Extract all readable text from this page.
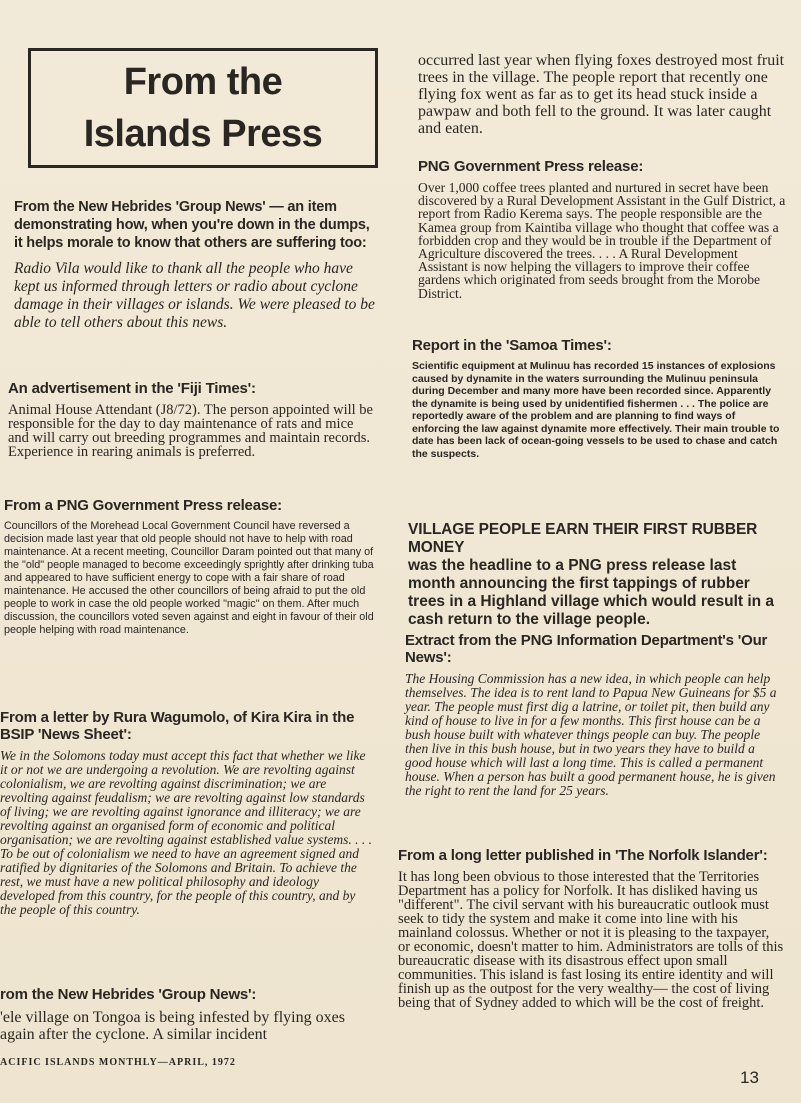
From the
Islands Press

From the New Hebrides 'Group News' — an item demonstrating how, when you're down in the dumps, it helps morale to know that others are suffering too:

Radio Vila would like to thank all the people who have kept us informed through letters or radio about cyclone damage in their villages or islands. We were pleased to be able to tell others about this news.

An advertisement in the 'Fiji Times':

Animal House Attendant (J8/72). The person appointed will be responsible for the day to day maintenance of rats and mice and will carry out breeding programmes and maintain records. Experience in rearing animals is preferred.

From a PNG Government Press release:

Councillors of the Morehead Local Government Council have reversed a decision made last year that old people should not have to help with road maintenance. At a recent meeting, Councillor Daram pointed out that many of the "old" people managed to become exceedingly sprightly after drinking tuba and appeared to have sufficient energy to cope with a fair share of road maintenance. He accused the other councillors of being afraid to put the old people to work in case the old people worked "magic" on them. After much discussion, the councillors voted seven against and eight in favour of their old people helping with road maintenance.

From a letter by Rura Wagumolo, of Kira Kira in the BSIP 'News Sheet':

We in the Solomons today must accept this fact that whether we like it or not we are undergoing a revolution. We are revolting against colonialism, we are revolting against discrimination; we are revolting against feudalism; we are revolting against low standards of living; we are revolting against ignorance and illiteracy; we are revolting against an organised form of economic and political organisation; we are revolting against established value systems. . . . To be out of colonialism we need to have an agreement signed and ratified by dignitaries of the Solomons and Britain. To achieve the rest, we must have a new political philosophy and ideology developed from this country, for the people of this country, and by the people of this country.

rom the New Hebrides 'Group News':

'ele village on Tongoa is being infested by flying oxes again after the cyclone. A similar incident

ACIFIC ISLANDS MONTHLY—APRIL, 1972

occurred last year when flying foxes destroyed most fruit trees in the village. The people report that recently one flying fox went as far as to get its head stuck inside a pawpaw and both fell to the ground. It was later caught and eaten.

PNG Government Press release:

Over 1,000 coffee trees planted and nurtured in secret have been discovered by a Rural Development Assistant in the Gulf District, a report from Radio Kerema says. The people responsible are the Kamea group from Kaintiba village who thought that coffee was a forbidden crop and they would be in trouble if the Department of Agriculture discovered the trees. . . . A Rural Development Assistant is now helping the villagers to improve their coffee gardens which originated from seeds brought from the Morobe District.

Report in the 'Samoa Times':

Scientific equipment at Mulinuu has recorded 15 instances of explosions caused by dynamite in the waters surrounding the Mulinuu peninsula during December and many more have been recorded since. Apparently the dynamite is being used by unidentified fishermen . . . The police are reportedly aware of the problem and are planning to find ways of enforcing the law against dynamite more effectively. Their main trouble to date has been lack of ocean-going vessels to be used to chase and catch the suspects.

VILLAGE PEOPLE EARN THEIR FIRST RUBBER MONEY

was the headline to a PNG press release last month announcing the first tappings of rubber trees in a Highland village which would result in a cash return to the village people.

Extract from the PNG Information Department's 'Our News':

The Housing Commission has a new idea, in which people can help themselves. The idea is to rent land to Papua New Guineans for $5 a year. The people must first dig a latrine, or toilet pit, then build any kind of house to live in for a few months. This first house can be a bush house built with whatever things people can buy. The people then live in this bush house, but in two years they have to build a good house which will last a long time. This is called a permanent house. When a person has built a good permanent house, he is given the right to rent the land for 25 years.

From a long letter published in 'The Norfolk Islander':

It has long been obvious to those interested that the Territories Department has a policy for Norfolk. It has disliked having us "different". The civil servant with his bureaucratic outlook must seek to tidy the system and make it come into line with his mainland colossus. Whether or not it is pleasing to the taxpayer, or economic, doesn't matter to him. Administrators are tolls of this bureaucratic disease with its disastrous effect upon small communities. This island is fast losing its entire identity and will finish up as the outpost for the very wealthy— the cost of living being that of Sydney added to which will be the cost of freight.

13
